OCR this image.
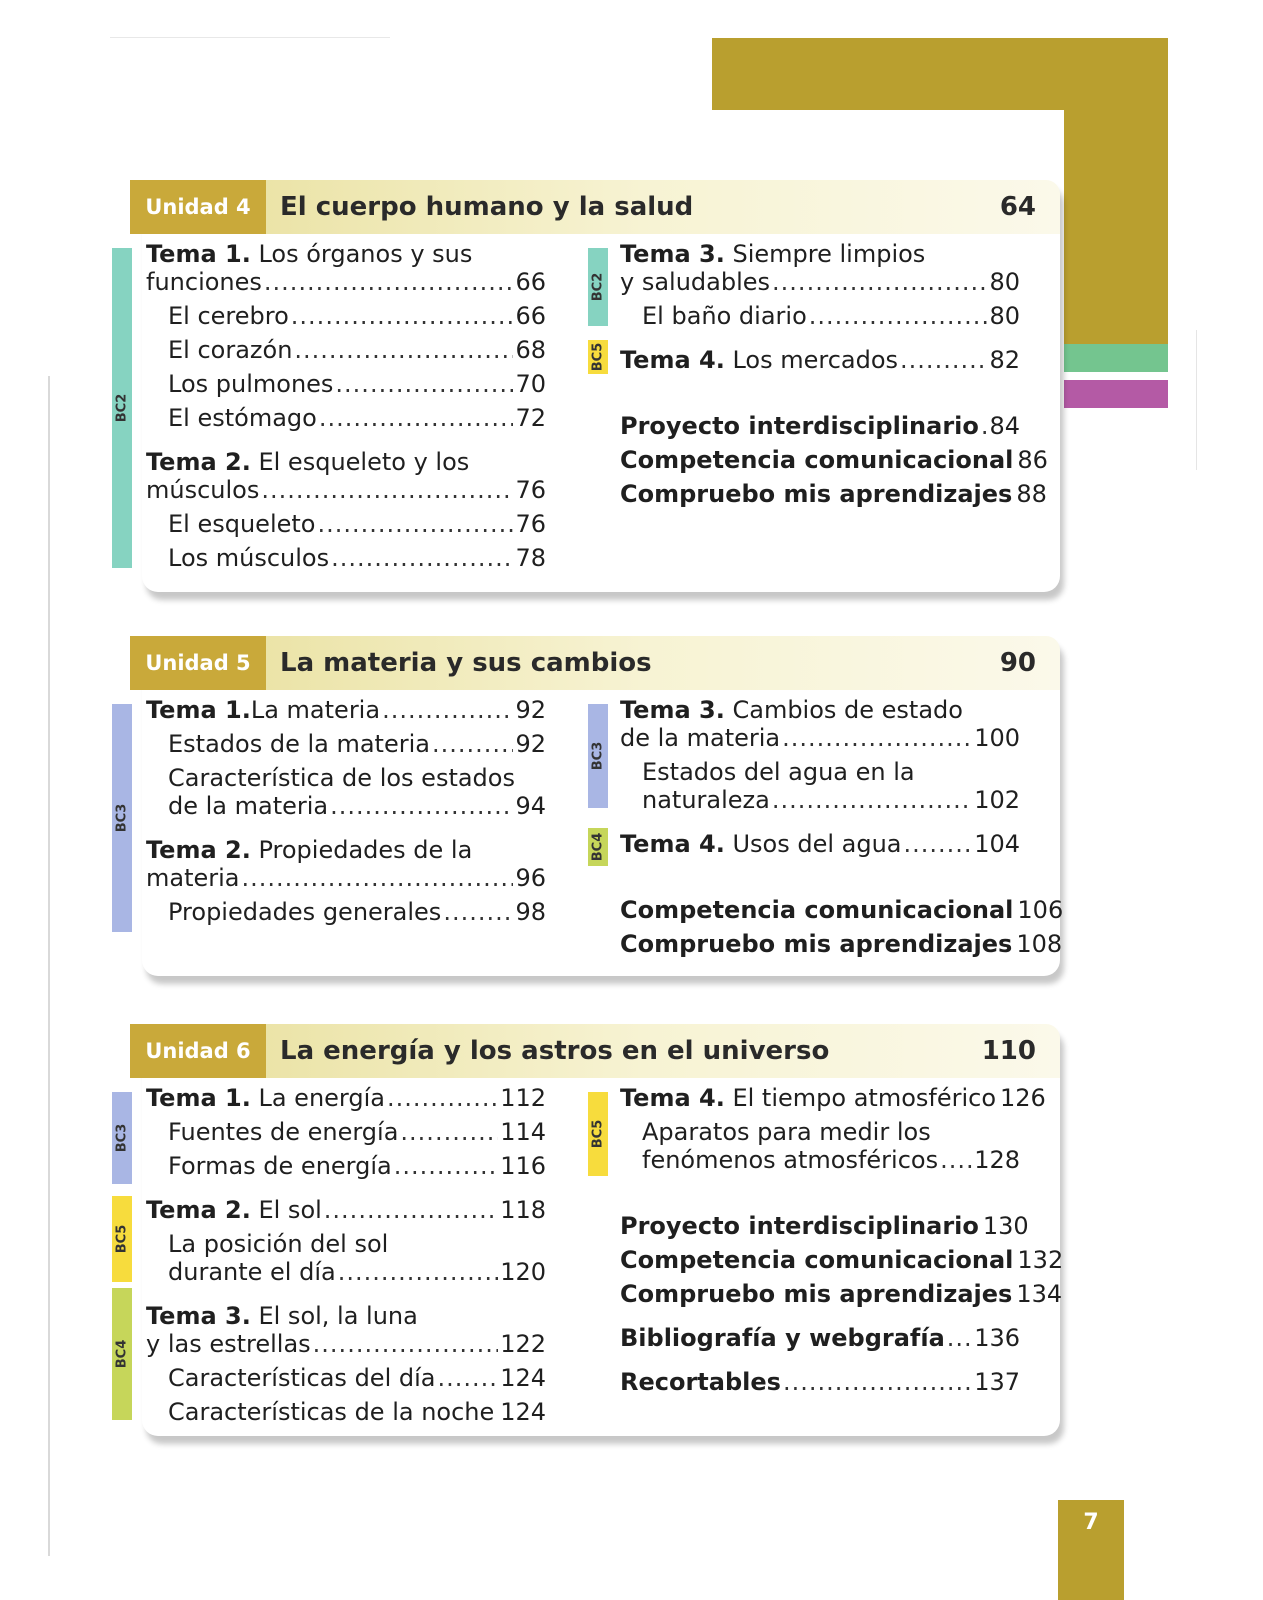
Unidad 4	El cuerpo humano y la salud	64
BC2
BC2
BC5
Tema 1. Los órganos y sus
funciones .....	66
El cerebro .....	66
El corazón .....	68
Los pulmones .....	70
El estómago .....	72
Tema 2. El esqueleto y los
músculos .....	76
El esqueleto .....	76
Los músculos .....	78
Tema 3. Siempre limpios
y saludables .....	80
El baño diario .....	80
Tema 4. Los mercados .....	82
Proyecto interdisciplinario ..... 84
Competencia comunicacional 86
Compruebo mis aprendizajes 88
Unidad 5	La materia y sus cambios	90
BC3
BC3
BC4
Tema 1.La materia .....	92
Estados de la materia .....	92
Característica de los estados
de la materia .....	94
Tema 2. Propiedades de la
materia .....	96
Propiedades generales .....	98
Tema 3. Cambios de estado
de la materia .....	100
Estados del agua en la
naturaleza .....	102
Tema 4. Usos del agua .....	104
Competencia comunicacional 106
Compruebo mis aprendizajes 108
Unidad 6	La energía y los astros en el universo	110
BC3
BC5
BC4
BC5
Tema 1. La energía .....	112
Fuentes de energía .....	114
Formas de energía .....	116
Tema 2. El sol .....	118
La posición del sol
durante el día .....	120
Tema 3. El sol, la luna
y las estrellas .....	122
Características del día .....	124
Características de la noche ..... 124
Tema 4. El tiempo atmosférico 126
Aparatos para medir los
fenómenos atmosféricos ..... 128
Proyecto interdisciplinario 130
Competencia comunicacional 132
Compruebo mis aprendizajes 134
Bibliografía y webgrafía ..... 136
Recortables .....	137
7
